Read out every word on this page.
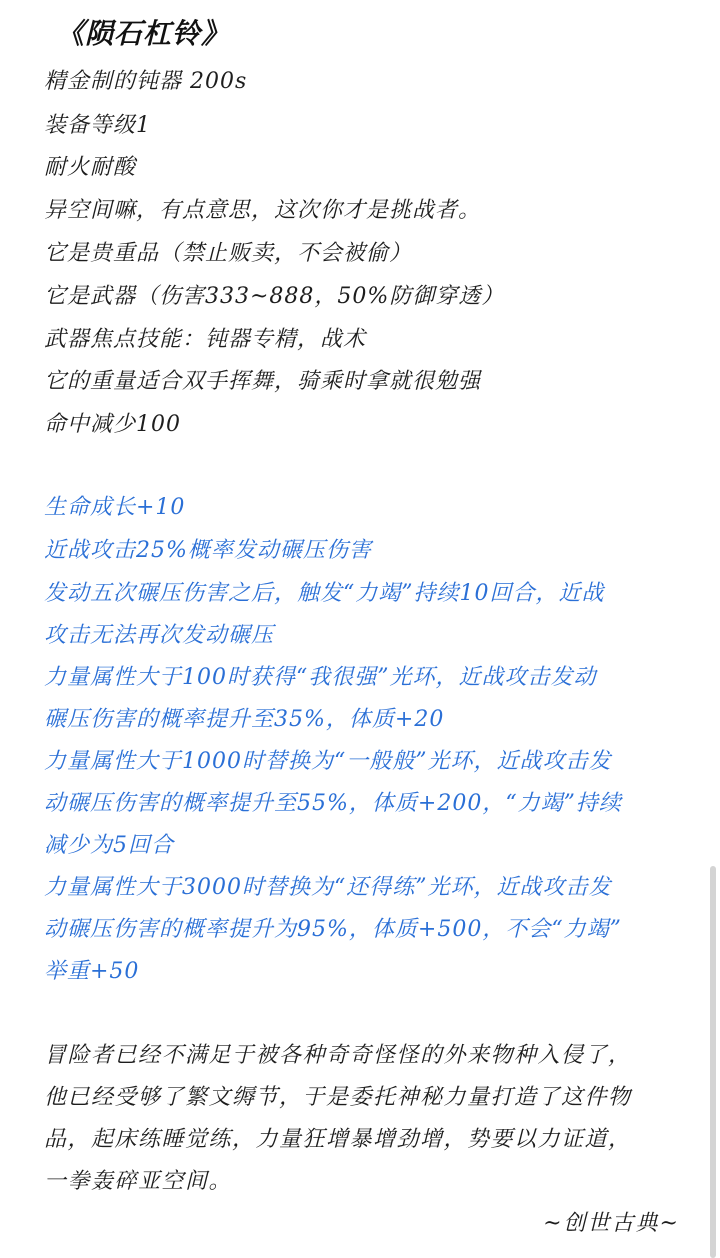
《陨石杠铃》
精金制的钝器 200s
装备等级1
耐火耐酸
异空间嘛，有点意思，这次你才是挑战者。
它是贵重品（禁止贩卖，不会被偷）
它是武器（伤害333~888，50%防御穿透）
武器焦点技能：钝器专精，战术
它的重量适合双手挥舞，骑乘时拿就很勉强
命中减少100
生命成长+10
近战攻击25%概率发动碾压伤害
发动五次碾压伤害之后，触发“力竭”持续10回合，近战
攻击无法再次发动碾压
力量属性大于100时获得“我很强”光环，近战攻击发动
碾压伤害的概率提升至35%，体质+20
力量属性大于1000时替换为“一般般”光环，近战攻击发
动碾压伤害的概率提升至55%，体质+200，“力竭”持续
减少为5回合
力量属性大于3000时替换为“还得练”光环，近战攻击发
动碾压伤害的概率提升为95%，体质+500，不会“力竭”
举重+50
冒险者已经不满足于被各种奇奇怪怪的外来物种入侵了，
他已经受够了繁文缛节，于是委托神秘力量打造了这件物
品，起床练睡觉练，力量狂增暴增劲增，势要以力证道，
一拳轰碎亚空间。
~创世古典~
